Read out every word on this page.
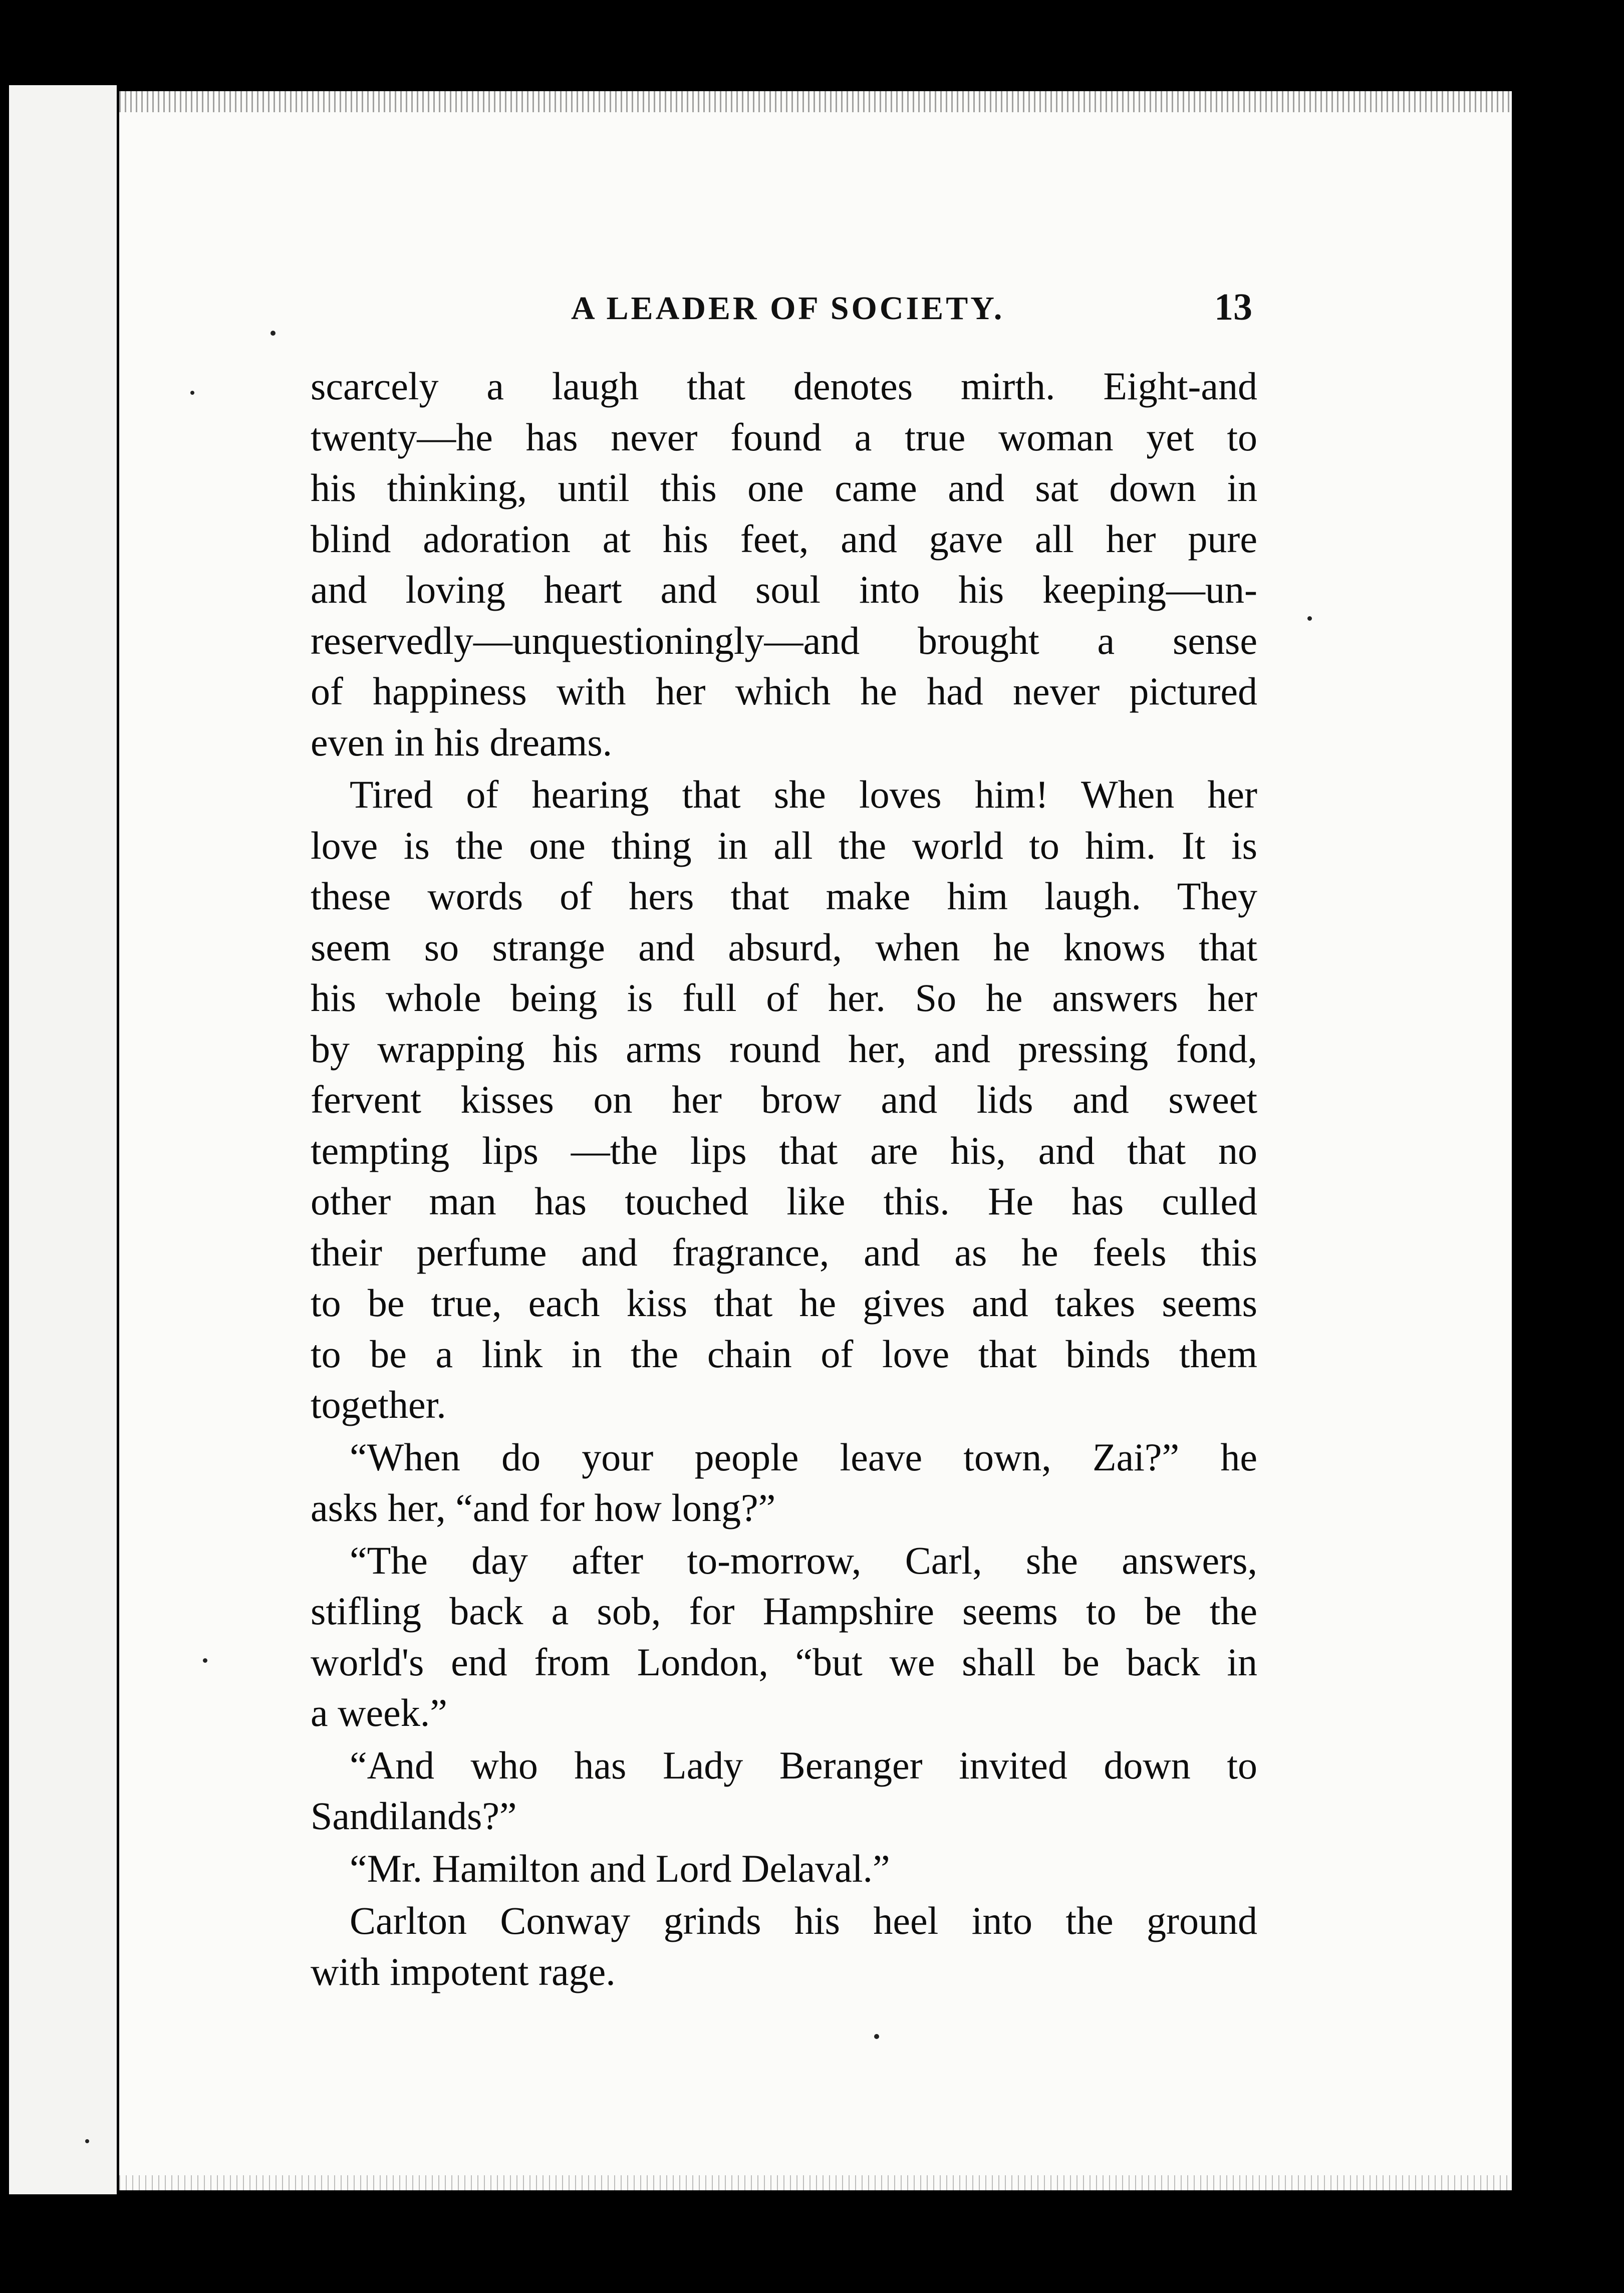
A LEADER OF SOCIETY.	13

scarcely a laugh that denotes mirth. Eight-and
twenty—he has never found a true woman yet to
his thinking, until this one came and sat down in
blind adoration at his feet, and gave all her pure
and loving heart and soul into his keeping—un-
reservedly—unquestioningly—and brought a sense
of happiness with her which he had never pictured
even in his dreams.

Tired of hearing that she loves him! When her
love is the one thing in all the world to him. It is
these words of hers that make him laugh. They
seem so strange and absurd, when he knows that
his whole being is full of her. So he answers her
by wrapping his arms round her, and pressing fond,
fervent kisses on her brow and lids and sweet
tempting lips —the lips that are his, and that no
other man has touched like this. He has culled
their perfume and fragrance, and as he feels this
to be true, each kiss that he gives and takes seems
to be a link in the chain of love that binds them
together.

“When do your people leave town, Zai?” he
asks her, “and for how long?”

“The day after to-morrow, Carl, she answers,
stifling back a sob, for Hampshire seems to be the
world's end from London, “but we shall be back in
a week.”

“And who has Lady Beranger invited down to
Sandilands?”

“Mr. Hamilton and Lord Delaval.”

Carlton Conway grinds his heel into the ground
with impotent rage.
